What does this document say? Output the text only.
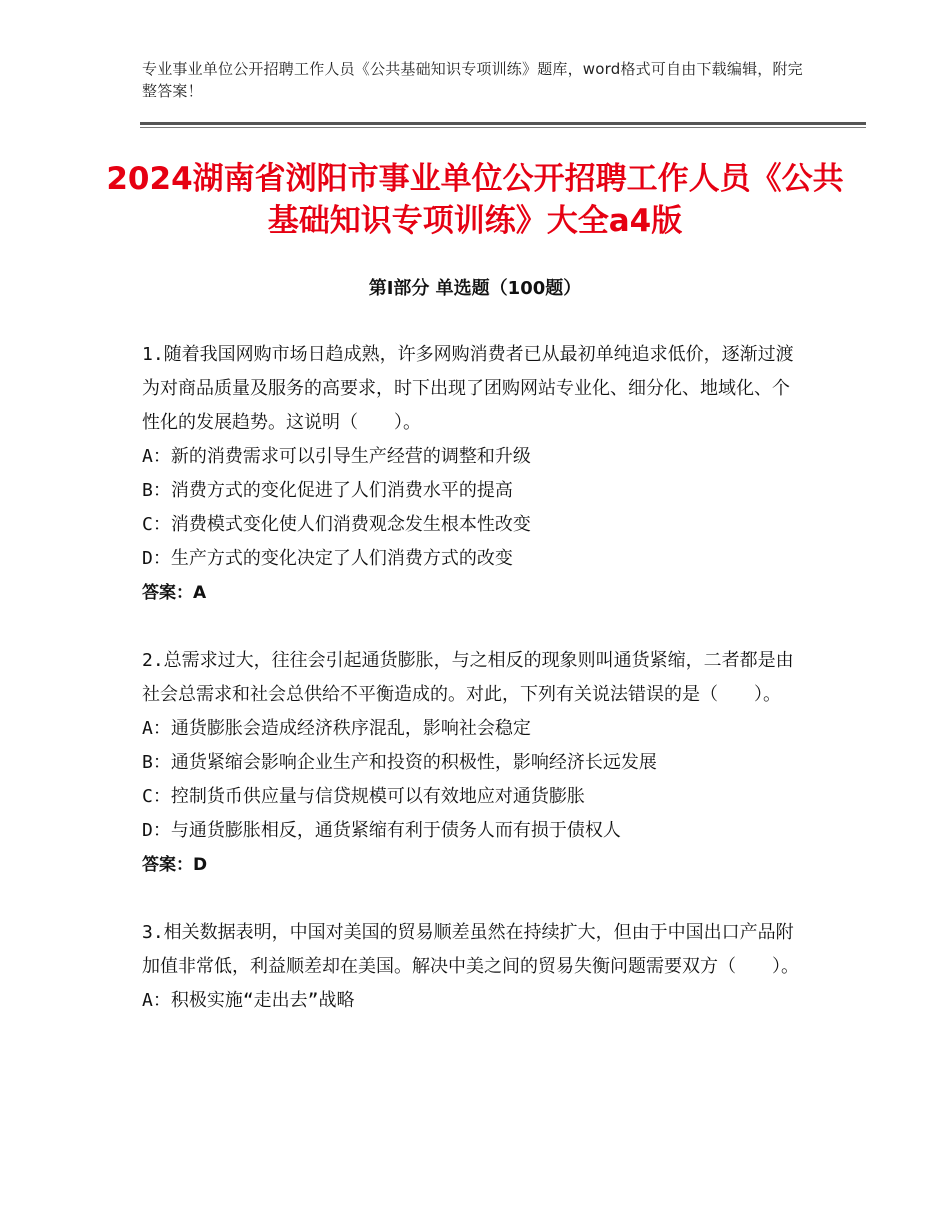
专业事业单位公开招聘工作人员《公共基础知识专项训练》题库，word格式可自由下载编辑，附完整答案！
2024湖南省浏阳市事业单位公开招聘工作人员《公共基础知识专项训练》大全a4版
第Ⅰ部分 单选题（100题）
1.随着我国网购市场日趋成熟，许多网购消费者已从最初单纯追求低价，逐渐过渡为对商品质量及服务的高要求，时下出现了团购网站专业化、细分化、地域化、个性化的发展趋势。这说明（　　）。
A：新的消费需求可以引导生产经营的调整和升级
B：消费方式的变化促进了人们消费水平的提高
C：消费模式变化使人们消费观念发生根本性改变
D：生产方式的变化决定了人们消费方式的改变
答案：A
2.总需求过大，往往会引起通货膨胀，与之相反的现象则叫通货紧缩，二者都是由社会总需求和社会总供给不平衡造成的。对此，下列有关说法错误的是（　　）。
A：通货膨胀会造成经济秩序混乱，影响社会稳定
B：通货紧缩会影响企业生产和投资的积极性，影响经济长远发展
C：控制货币供应量与信贷规模可以有效地应对通货膨胀
D：与通货膨胀相反，通货紧缩有利于债务人而有损于债权人
答案：D
3.相关数据表明，中国对美国的贸易顺差虽然在持续扩大，但由于中国出口产品附加值非常低，利益顺差却在美国。解决中美之间的贸易失衡问题需要双方（　　）。
A：积极实施“走出去”战略
